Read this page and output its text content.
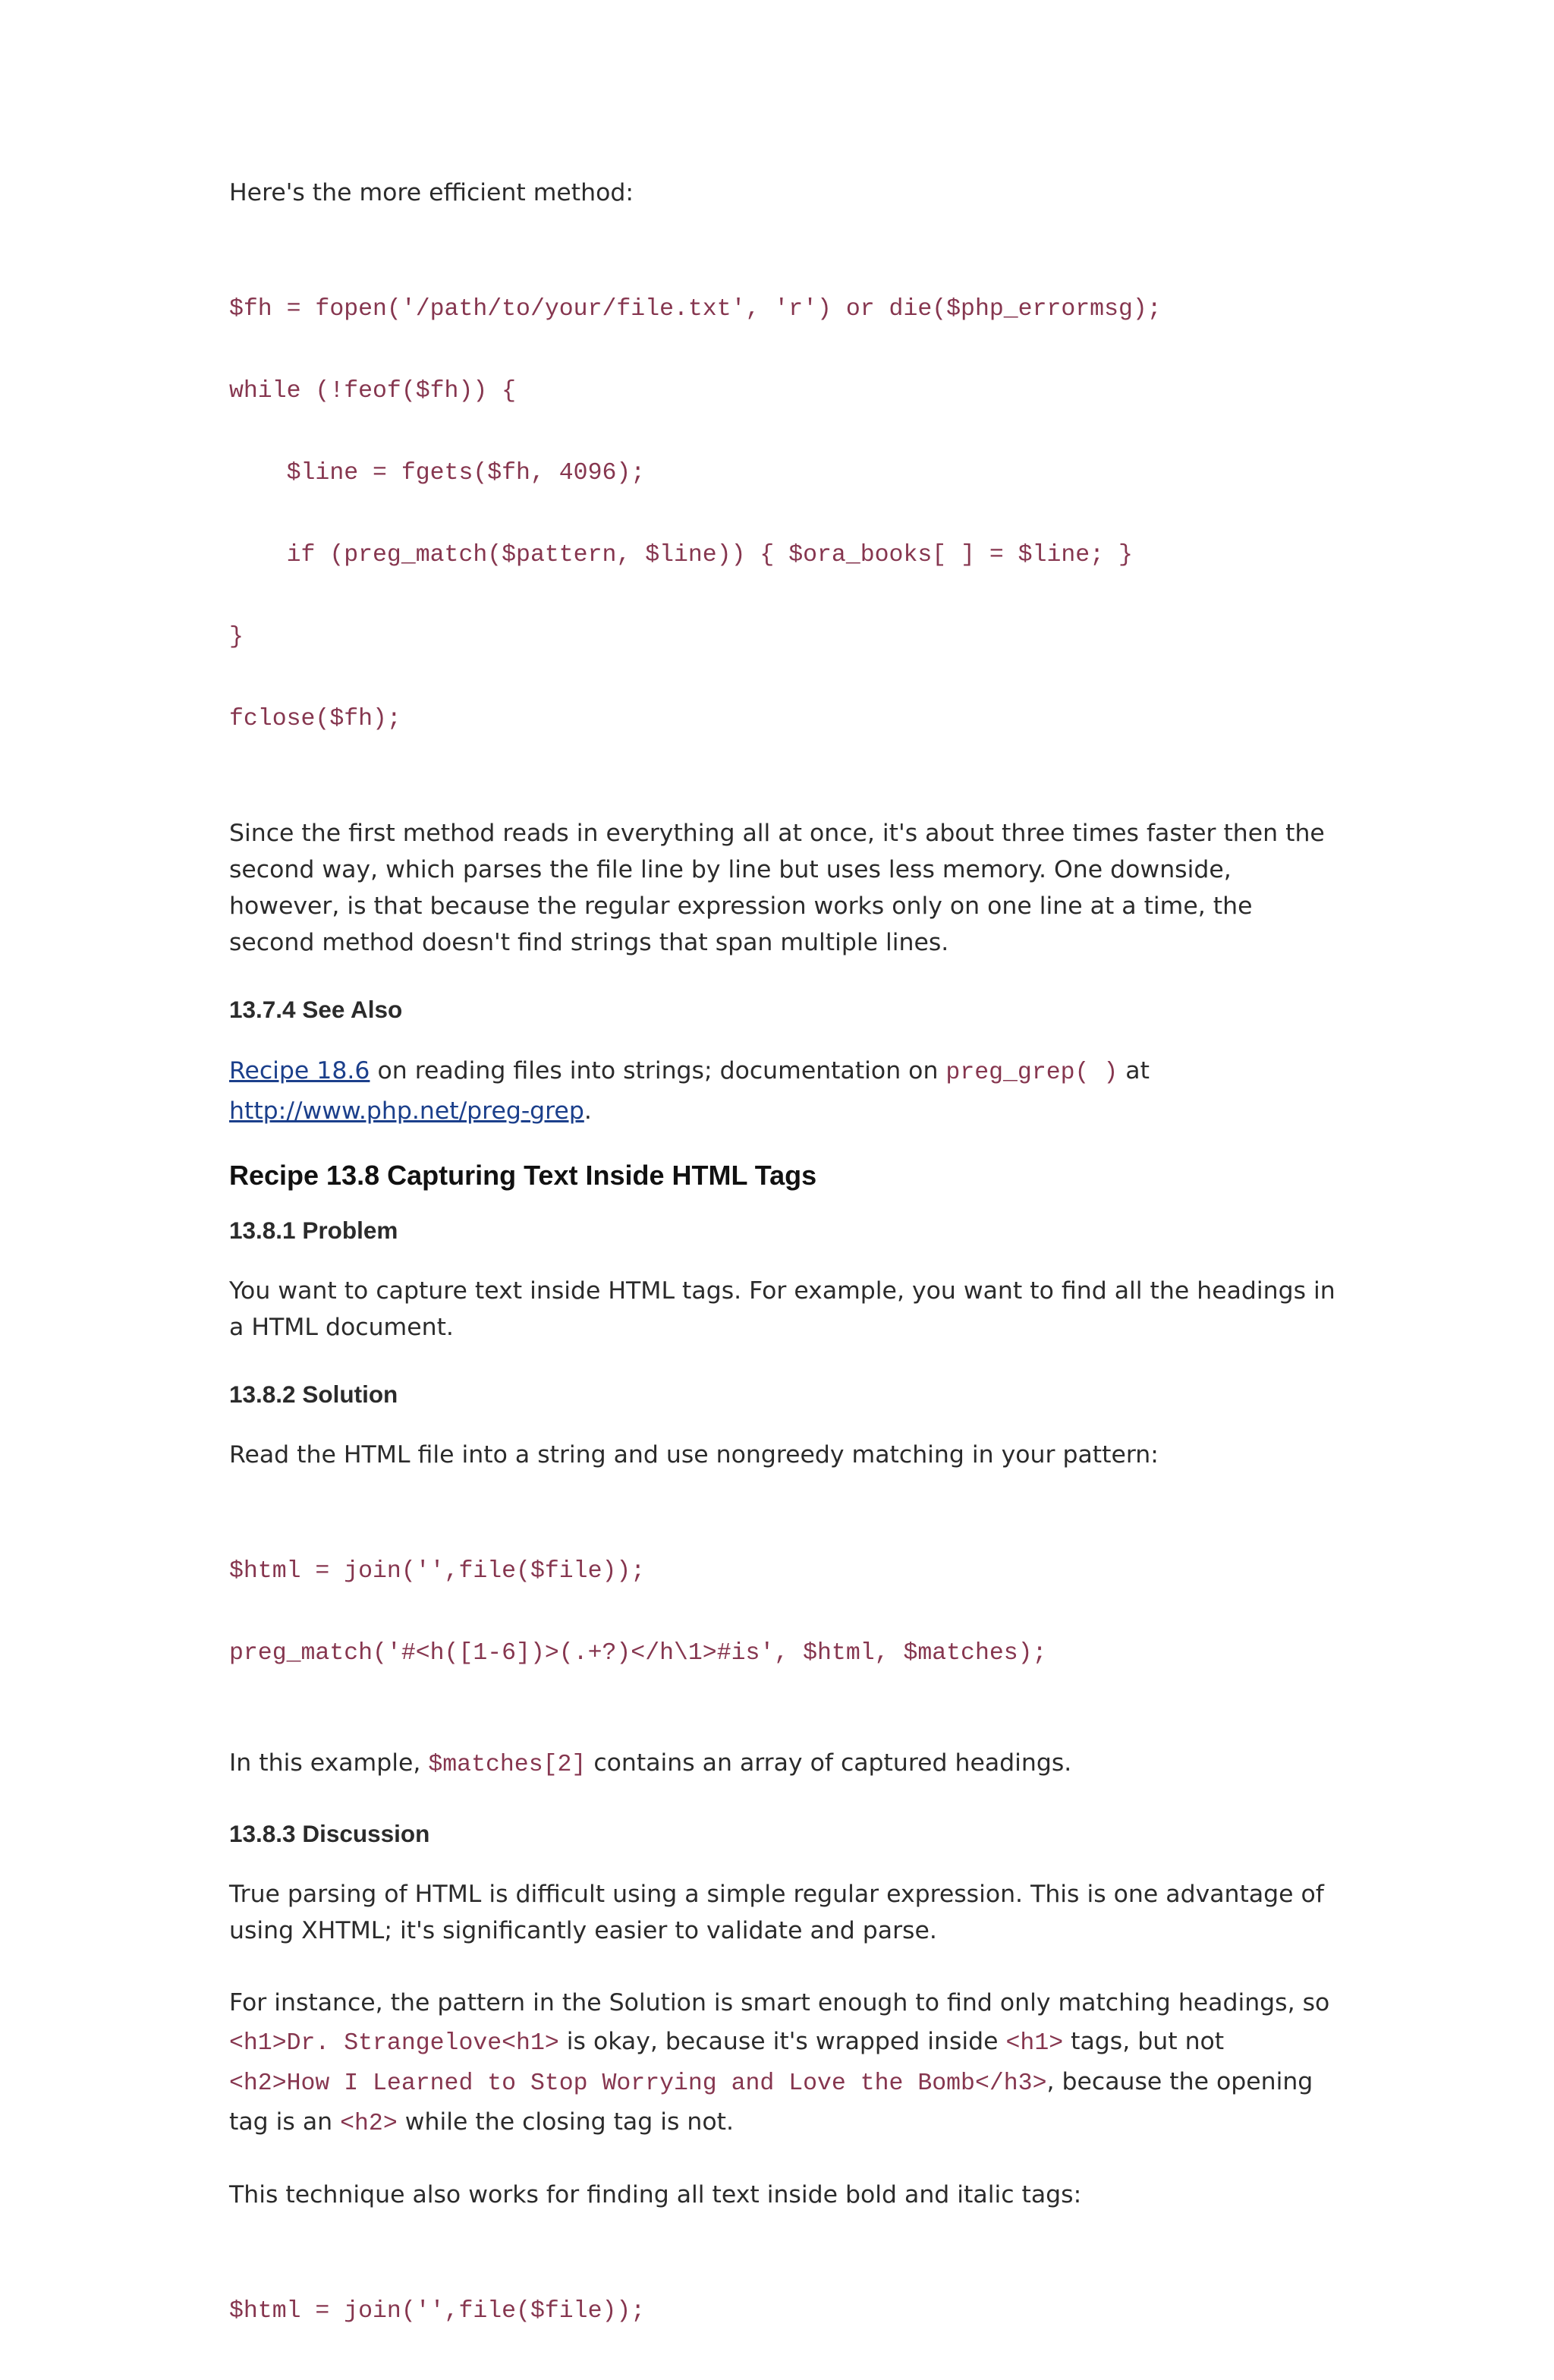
Here's the more efficient method:

$fh = fopen('/path/to/your/file.txt', 'r') or die($php_errormsg);

while (!feof($fh)) {

$line = fgets($fh, 4096);

if (preg_match($pattern, $line)) { $ora_books[ ] = $line; }

}

fclose($fh);

Since the first method reads in everything all at once, it's about three times faster then the second way, which parses the file line by line but uses less memory. One downside, however, is that because the regular expression works only on one line at a time, the second method doesn't find strings that span multiple lines.

13.7.4 See Also

Recipe 18.6 on reading files into strings; documentation on preg_grep( ) at
http://www.php.net/preg-grep.

Recipe 13.8 Capturing Text Inside HTML Tags

13.8.1 Problem

You want to capture text inside HTML tags. For example, you want to find all the headings in a HTML document.

13.8.2 Solution

Read the HTML file into a string and use nongreedy matching in your pattern:

$html = join('',file($file));

preg_match('#<h([1-6])>(.+?)</h\1>#is', $html, $matches);

In this example, $matches[2] contains an array of captured headings.

13.8.3 Discussion

True parsing of HTML is difficult using a simple regular expression. This is one advantage of using XHTML; it's significantly easier to validate and parse.

For instance, the pattern in the Solution is smart enough to find only matching headings, so
<h1>Dr. Strangelove<h1> is okay, because it's wrapped inside <h1> tags, but not
<h2>How I Learned to Stop Worrying and Love the Bomb</h3>, because the opening
tag is an <h2> while the closing tag is not.

This technique also works for finding all text inside bold and italic tags:

$html = join('',file($file));
